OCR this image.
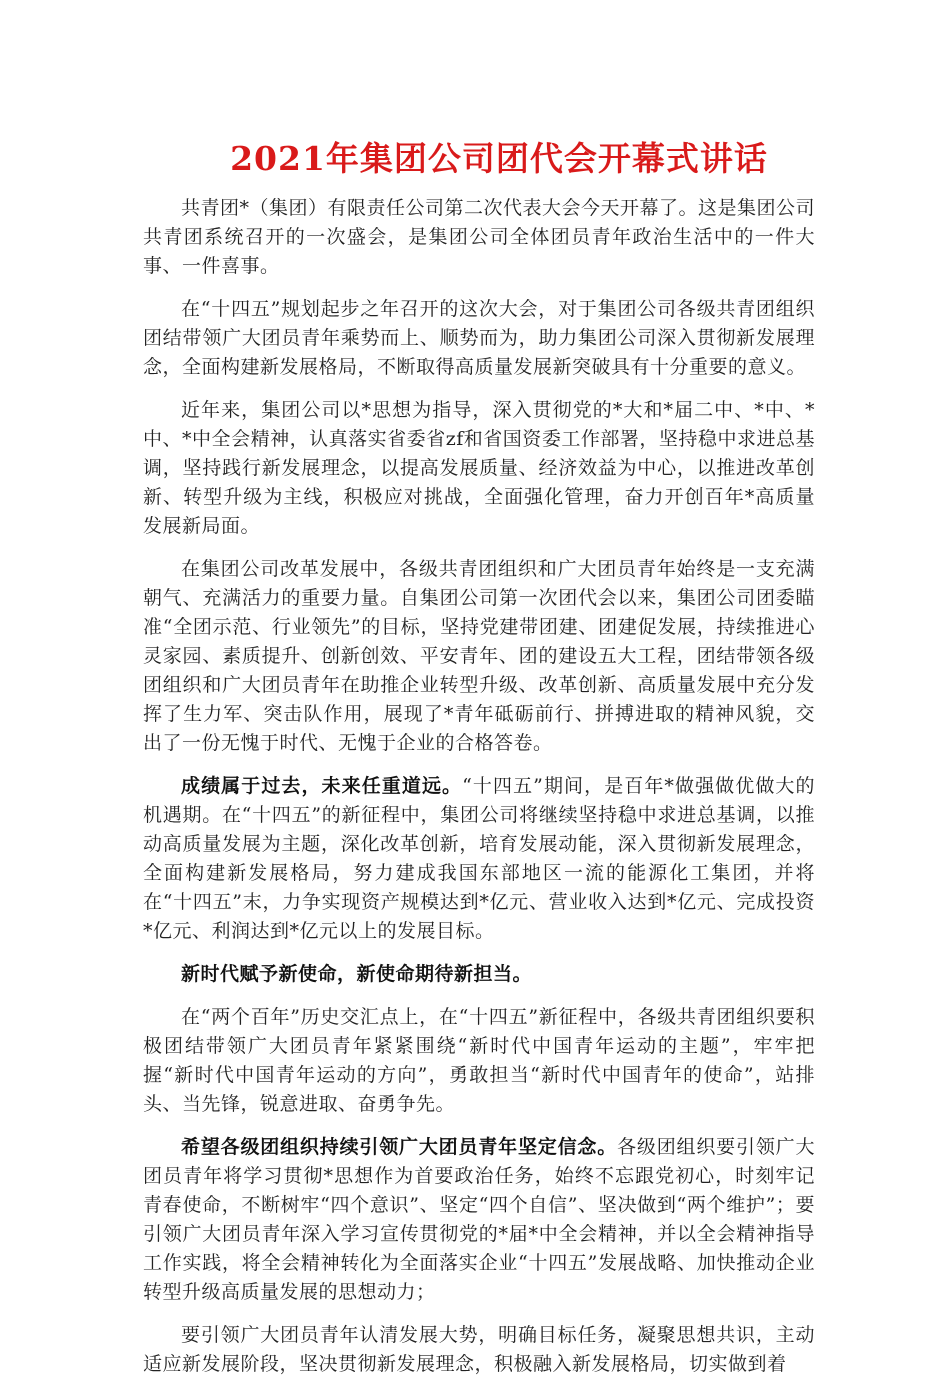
2021年集团公司团代会开幕式讲话

共青团*（集团）有限责任公司第二次代表大会今天开幕了。这是集团公司共青团系统召开的一次盛会，是集团公司全体团员青年政治生活中的一件大事、一件喜事。

在“十四五”规划起步之年召开的这次大会，对于集团公司各级共青团组织团结带领广大团员青年乘势而上、顺势而为，助力集团公司深入贯彻新发展理念，全面构建新发展格局，不断取得高质量发展新突破具有十分重要的意义。

近年来，集团公司以*思想为指导，深入贯彻党的*大和*届二中、*中、*中、*中全会精神，认真落实省委省zf和省国资委工作部署，坚持稳中求进总基调，坚持践行新发展理念，以提高发展质量、经济效益为中心，以推进改革创新、转型升级为主线，积极应对挑战，全面强化管理，奋力开创百年*高质量发展新局面。

在集团公司改革发展中，各级共青团组织和广大团员青年始终是一支充满朝气、充满活力的重要力量。自集团公司第一次团代会以来，集团公司团委瞄准“全团示范、行业领先”的目标，坚持党建带团建、团建促发展，持续推进心灵家园、素质提升、创新创效、平安青年、团的建设五大工程，团结带领各级团组织和广大团员青年在助推企业转型升级、改革创新、高质量发展中充分发挥了生力军、突击队作用，展现了*青年砥砺前行、拼搏进取的精神风貌，交出了一份无愧于时代、无愧于企业的合格答卷。

成绩属于过去，未来任重道远。“十四五”期间，是百年*做强做优做大的机遇期。在“十四五”的新征程中，集团公司将继续坚持稳中求进总基调，以推动高质量发展为主题，深化改革创新，培育发展动能，深入贯彻新发展理念，全面构建新发展格局，努力建成我国东部地区一流的能源化工集团，并将在“十四五”末，力争实现资产规模达到*亿元、营业收入达到*亿元、完成投资*亿元、利润达到*亿元以上的发展目标。

新时代赋予新使命，新使命期待新担当。

在“两个百年”历史交汇点上，在“十四五”新征程中，各级共青团组织要积极团结带领广大团员青年紧紧围绕“新时代中国青年运动的主题”，牢牢把握“新时代中国青年运动的方向”，勇敢担当“新时代中国青年的使命”，站排头、当先锋，锐意进取、奋勇争先。

希望各级团组织持续引领广大团员青年坚定信念。各级团组织要引领广大团员青年将学习贯彻*思想作为首要政治任务，始终不忘跟党初心，时刻牢记青春使命，不断树牢“四个意识”、坚定“四个自信”、坚决做到“两个维护”；要引领广大团员青年深入学习宣传贯彻党的*届*中全会精神，并以全会精神指导工作实践，将全会精神转化为全面落实企业“十四五”发展战略、加快推动企业转型升级高质量发展的思想动力；

要引领广大团员青年认清发展大势，明确目标任务，凝聚思想共识，主动适应新发展阶段，坚决贯彻新发展理念，积极融入新发展格局，切实做到着
